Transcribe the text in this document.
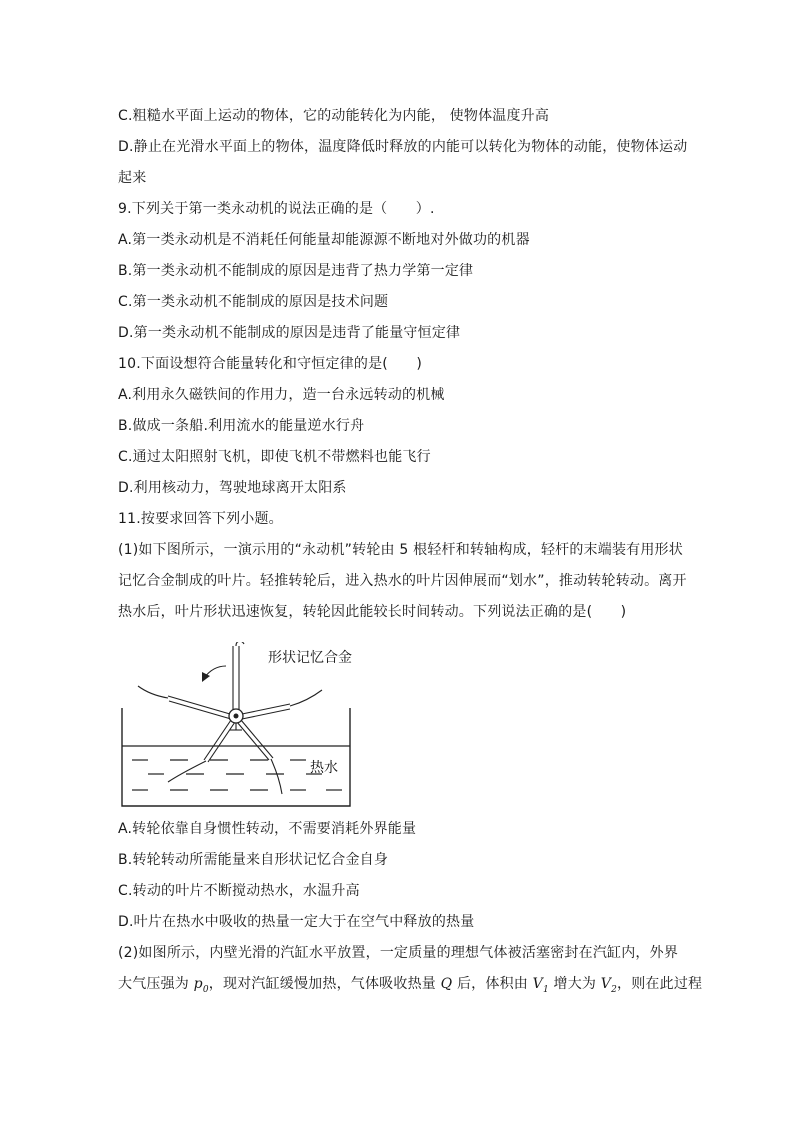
C.粗糙水平面上运动的物体，它的动能转化为内能， 使物体温度升高
D.静止在光滑水平面上的物体，温度降低时释放的内能可以转化为物体的动能，使物体运动
起来
9.下列关于第一类永动机的说法正确的是（　　）.
A.第一类永动机是不消耗任何能量却能源源不断地对外做功的机器
B.第一类永动机不能制成的原因是违背了热力学第一定律
C.第一类永动机不能制成的原因是技术问题
D.第一类永动机不能制成的原因是违背了能量守恒定律
10.下面设想符合能量转化和守恒定律的是(　　)
A.利用永久磁铁间的作用力，造一台永远转动的机械
B.做成一条船.利用流水的能量逆水行舟
C.通过太阳照射飞机，即使飞机不带燃料也能飞行
D.利用核动力，驾驶地球离开太阳系
11.按要求回答下列小题。
(1)如下图所示，一演示用的“永动机”转轮由 5 根轻杆和转轴构成，轻杆的末端装有用形状
记忆合金制成的叶片。轻推转轮后，进入热水的叶片因伸展而“划水”，推动转轮转动。离开
热水后，叶片形状迅速恢复，转轮因此能较长时间转动。下列说法正确的是(　　)
形状记忆合金
热水
A.转轮依靠自身惯性转动，不需要消耗外界能量
B.转轮转动所需能量来自形状记忆合金自身
C.转动的叶片不断搅动热水，水温升高
D.叶片在热水中吸收的热量一定大于在空气中释放的热量
(2)如图所示，内壁光滑的汽缸水平放置，一定质量的理想气体被活塞密封在汽缸内，外界
大气压强为 $p_0$，现对汽缸缓慢加热，气体吸收热量 Q 后，体积由 $V_1$ 增大为 $V_2$，则在此过程
